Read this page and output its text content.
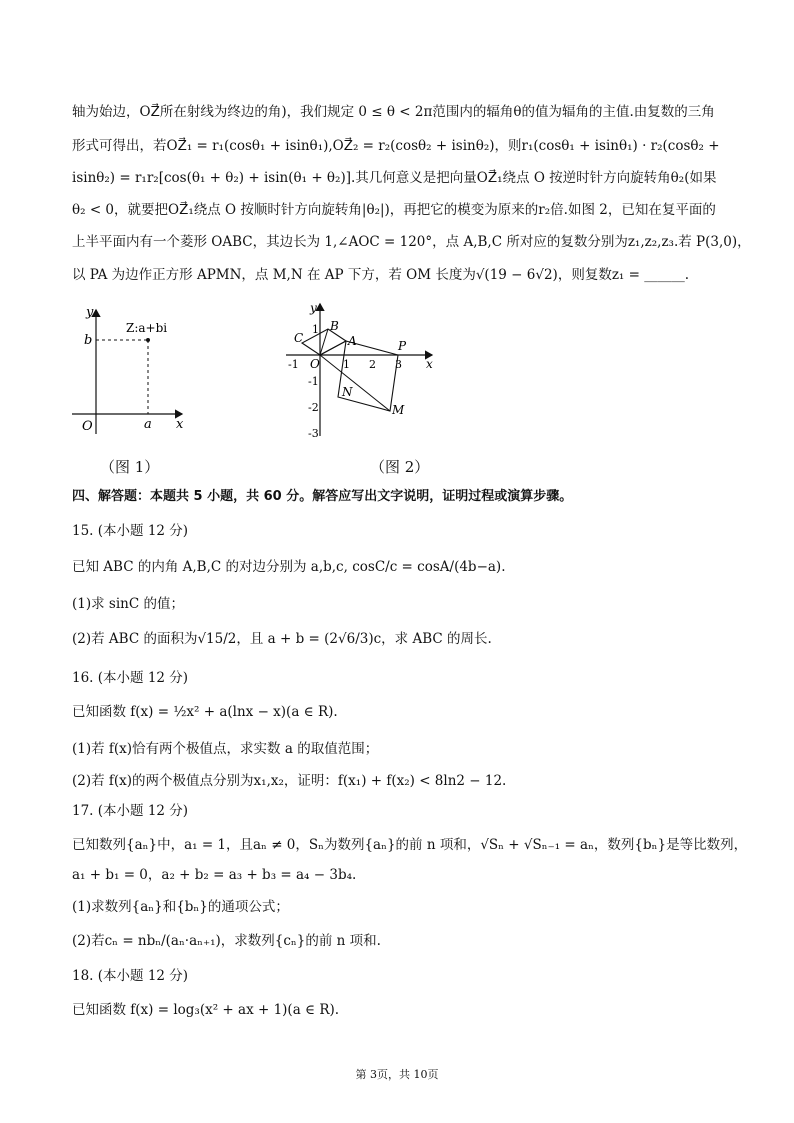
轴为始边，OZ⃗所在射线为终边的角)，我们规定 0 ≤ θ < 2π范围内的辐角θ的值为辐角的主值.由复数的三角
形式可得出，若OZ⃗₁ = r₁(cosθ₁ + isinθ₁),OZ⃗₂ = r₂(cosθ₂ + isinθ₂)，则r₁(cosθ₁ + isinθ₁) · r₂(cosθ₂ +
isinθ₂) = r₁r₂[cos(θ₁ + θ₂) + isin(θ₁ + θ₂)].其几何意义是把向量OZ⃗₁绕点 O 按逆时针方向旋转角θ₂(如果
θ₂ < 0，就要把OZ⃗₁绕点 O 按顺时针方向旋转角|θ₂|)，再把它的模变为原来的r₂倍.如图 2，已知在复平面的
上半平面内有一个菱形 OABC，其边长为 1,∠AOC = 120°，点 A,B,C 所对应的复数分别为z₁,z₂,z₃.若 P(3,0)，
以 PA 为边作正方形 APMN，点 M,N 在 AP 下方，若 OM 长度为√(19 − 6√2)，则复数z₁ = ______.
y
x
O	a
b
Z:a+bi
（图 1）
y
x
O
-1	1 2 3
1
-1
-2
-3
A
B
C
P
N
M
（图 2）
四、解答题：本题共 5 小题，共 60 分。解答应写出文字说明，证明过程或演算步骤。
15. (本小题 12 分)
已知 ABC 的内角 A,B,C 的对边分别为 a,b,c, cosC/c = cosA/(4b−a).
(1)求 sinC 的值；
(2)若 ABC 的面积为√15/2，且 a + b = (2√6/3)c，求 ABC 的周长.
16. (本小题 12 分)
已知函数 f(x) = ½x² + a(lnx − x)(a ∈ R).
(1)若 f(x)恰有两个极值点，求实数 a 的取值范围；
(2)若 f(x)的两个极值点分别为x₁,x₂，证明：f(x₁) + f(x₂) < 8ln2 − 12.
17. (本小题 12 分)
已知数列{aₙ}中，a₁ = 1，且aₙ ≠ 0，Sₙ为数列{aₙ}的前 n 项和，√Sₙ + √Sₙ₋₁ = aₙ，数列{bₙ}是等比数列，
a₁ + b₁ = 0，a₂ + b₂ = a₃ + b₃ = a₄ − 3b₄.
(1)求数列{aₙ}和{bₙ}的通项公式；
(2)若cₙ = nbₙ/(aₙ·aₙ₊₁)，求数列{cₙ}的前 n 项和.
18. (本小题 12 分)
已知函数 f(x) = log₃(x² + ax + 1)(a ∈ R).
第 3页，共 10页
